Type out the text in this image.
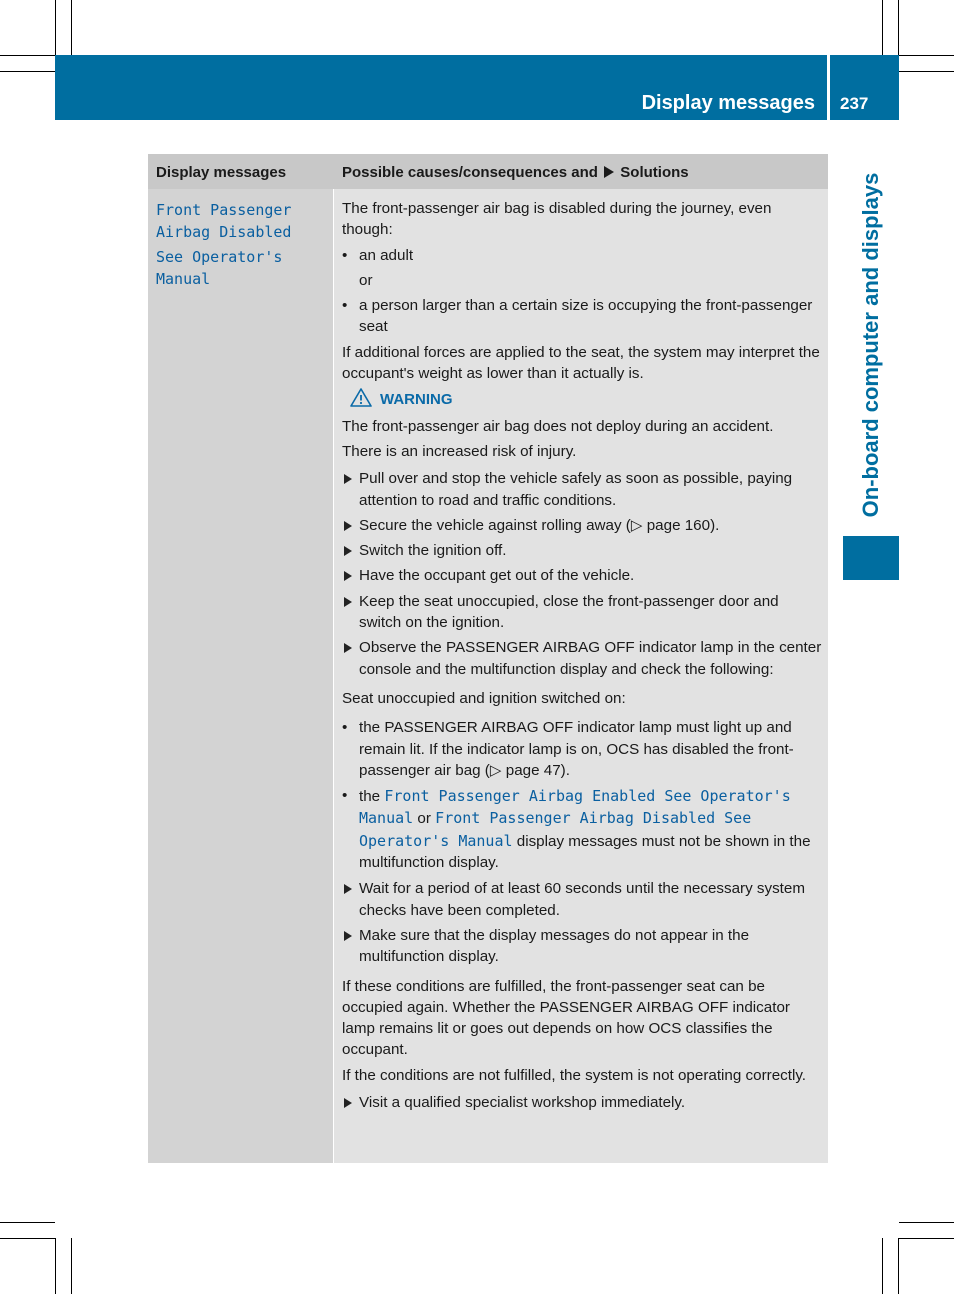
Display messages 237
On-board computer and displays
Display messages	Possible causes/consequences and Solutions
Front Passenger
Airbag Disabled
See Operator's
Manual

The front-passenger air bag is disabled during the journey, even though:

• an adult
or
• a person larger than a certain size is occupying the front-passenger seat

If additional forces are applied to the seat, the system may interpret the occupant's weight as lower than it actually is.

WARNING

The front-passenger air bag does not deploy during an accident.

There is an increased risk of injury.

Pull over and stop the vehicle safely as soon as possible, paying attention to road and traffic conditions.
Secure the vehicle against rolling away (▷ page 160).
Switch the ignition off.
Have the occupant get out of the vehicle.
Keep the seat unoccupied, close the front-passenger door and switch on the ignition.
Observe the PASSENGER AIRBAG OFF indicator lamp in the center console and the multifunction display and check the following:

Seat unoccupied and ignition switched on:

• the PASSENGER AIRBAG OFF indicator lamp must light up and remain lit. If the indicator lamp is on, OCS has disabled the front-passenger air bag (▷ page 47).
• the Front Passenger Airbag Enabled See Operator's Manual or Front Passenger Airbag Disabled See Operator's Manual display messages must not be shown in the multifunction display.
Wait for a period of at least 60 seconds until the necessary system checks have been completed.
Make sure that the display messages do not appear in the multifunction display.

If these conditions are fulfilled, the front-passenger seat can be occupied again. Whether the PASSENGER AIRBAG OFF indicator lamp remains lit or goes out depends on how OCS classifies the occupant.

If the conditions are not fulfilled, the system is not operating correctly.

Visit a qualified specialist workshop immediately.
